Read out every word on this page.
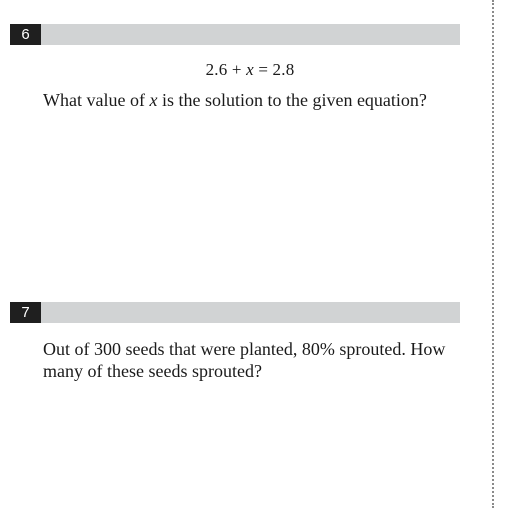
6
2.6 + x = 2.8
What value of x is the solution to the given equation?
7
Out of 300 seeds that were planted, 80% sprouted. How many of these seeds sprouted?
